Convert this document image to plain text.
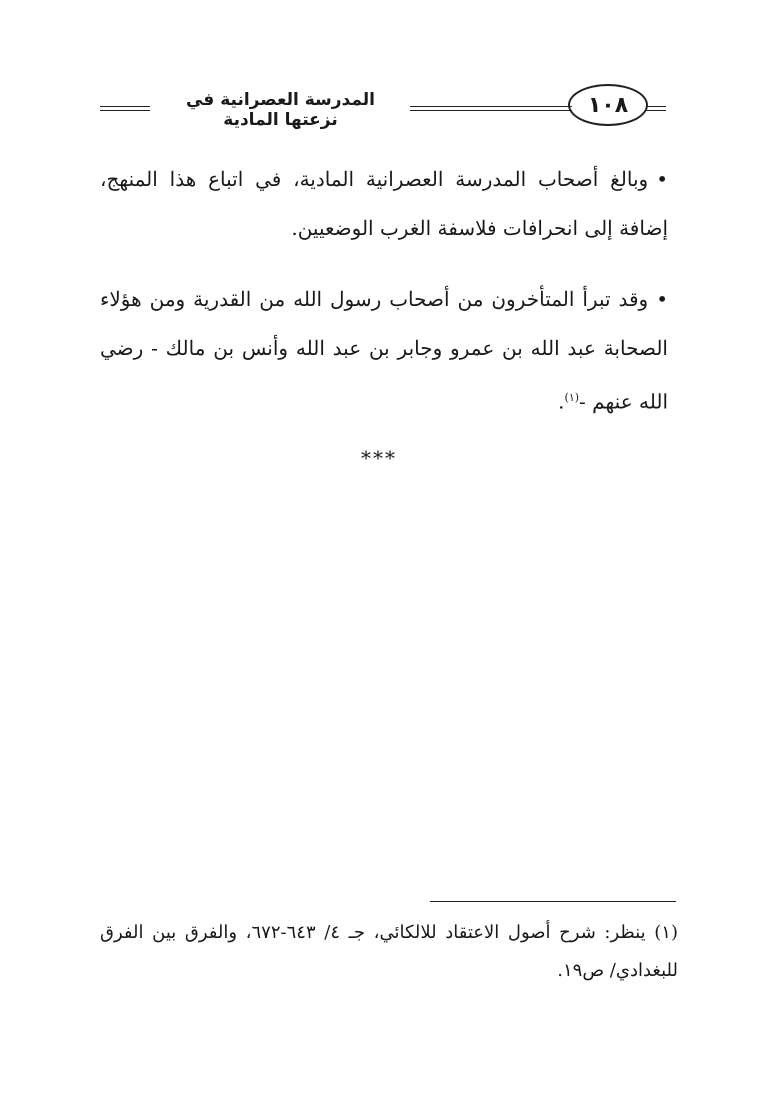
المدرسة العصرانية في نزعتها المادية
١٠٨
•وبالغ أصحاب المدرسة العصرانية المادية، في اتباع هذا المنهج، إضافة إلى انحرافات فلاسفة الغرب الوضعيين.
•وقد تبرأ المتأخرون من أصحاب رسول الله من القدرية ومن هؤلاء الصحابة عبد الله بن عمرو وجابر بن عبد الله وأنس بن مالك - رضي الله عنهم -$^{(١)}$.
***
(١) ينظر: شرح أصول الاعتقاد للالكائي، جـ ٤/ ٦٤٣-٦٧٢، والفرق بين الفرق للبغدادي/ ص١٩.
